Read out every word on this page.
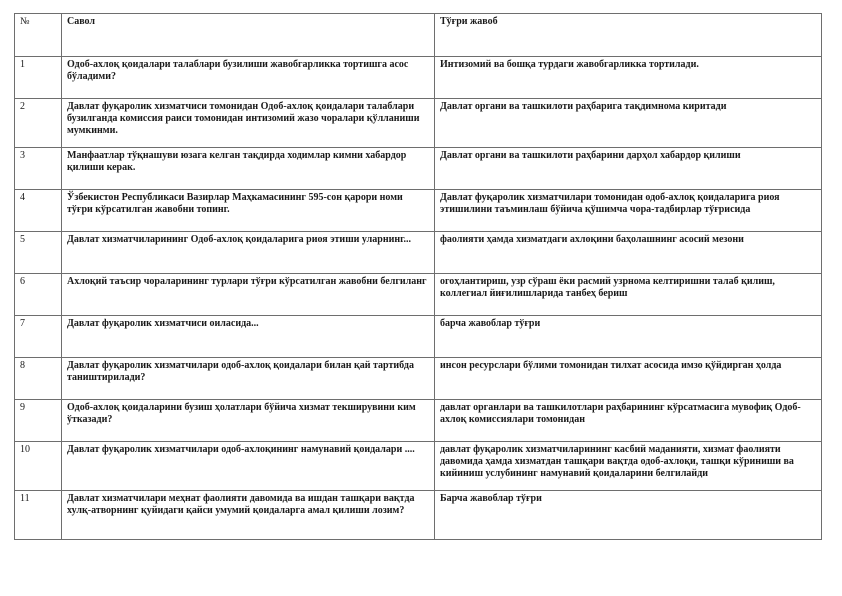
№	Савол	Тўғри жавоб
1	Одоб-ахлоқ қоидалари талаблари бузилиши жавобгарликка тортишга асос бўладими?	Интизомий ва бошқа турдаги жавобгарликка тортилади.
2	Давлат фуқаролик хизматчиси томонидан Одоб-ахлоқ қоидалари талаблари бузилганда комиссия раиси томонидан интизомий жазо чоралари қўлланиши мумкинми.	Давлат органи ва ташкилоти раҳбарига тақдимнома киритади
3	Манфаатлар тўқнашуви юзага келган тақдирда ходимлар кимни хабардор қилиши керак.	Давлат органи ва ташкилоти раҳбарини дарҳол хабардор қилиши
4	Ўзбекистон Республикаси Вазирлар Маҳкамасининг 595-сон қарори номи тўғри кўрсатилган жавобни топинг.	Давлат фуқаролик хизматчилари томонидан одоб-ахлоқ қоидаларига риоя этишилини таъминлаш бўйича қўшимча чора-тадбирлар тўғрисида
5	Давлат хизматчиларининг Одоб-ахлоқ қоидаларига риоя этиши уларнинг...	фаолияти ҳамда хизматдаги ахлоқини баҳолашнинг асосий мезони
6	Ахлоқий таъсир чораларининг турлари тўғри кўрсатилган жавобни белгиланг	огоҳлантириш, узр сўраш ёки расмий узрнома келтиришни талаб қилиш, коллегиал йиғилишларида танбеҳ бериш
7	Давлат фуқаролик хизматчиси оиласида...	барча жавоблар тўғри
8	Давлат фуқаролик хизматчилари одоб-ахлоқ қоидалари билан қай тартибда таништирилади?	инсон ресурслари бўлими томонидан тилхат асосида имзо қўйдирган ҳолда
9	Одоб-ахлоқ қоидаларини бузиш ҳолатлари бўйича хизмат текширувини ким ўтказади?	давлат органлари ва ташкилотлари раҳбарининг кўрсатмасига мувофиқ Одоб-ахлоқ комиссиялари томонидан
10	Давлат фуқаролик хизматчилари одоб-ахлоқининг намунавий қоидалари ....	давлат фуқаролик хизматчиларининг касбий маданияти, хизмат фаолияти давомида ҳамда хизматдан ташқари вақтда одоб-ахлоқи, ташқи кўриниши ва кийиниш услубининг намунавий қоидаларини белгилайди
11	Давлат хизматчилари меҳнат фаолияти давомида ва ишдан ташқари вақтда хулқ-атворнинг қуйидаги қайси умумий қоидаларга амал қилиши лозим?	Барча жавоблар тўғри
